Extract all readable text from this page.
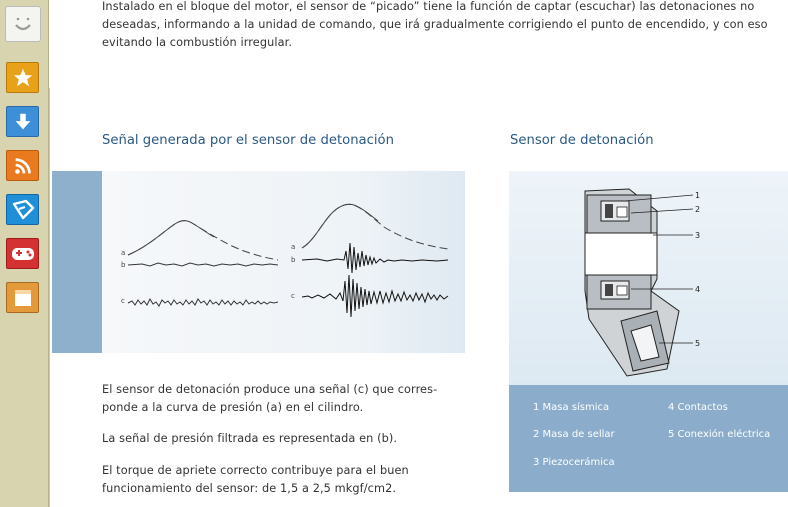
Instalado en el bloque del motor, el sensor de “picado” tiene la función de captar (escuchar) las detonaciones no
deseadas, informando a la unidad de comando, que irá gradualmente corrigiendo el punto de encendido, y con eso
evitando la combustión irregular.
Señal generada por el sensor de detonación	Sensor de detonación
a
b
c
a
b
c
1
2
3
4
5
1 Masa sísmica
2 Masa de sellar
3 Piezocerámica
4 Contactos
5 Conexión eléctrica
El sensor de detonación produce una señal (c) que corres-
ponde a la curva de presión (a) en el cilindro.
La señal de presión filtrada es representada en (b).
El torque de apriete correcto contribuye para el buen
funcionamiento del sensor: de 1,5 a 2,5 mkgf/cm2.
